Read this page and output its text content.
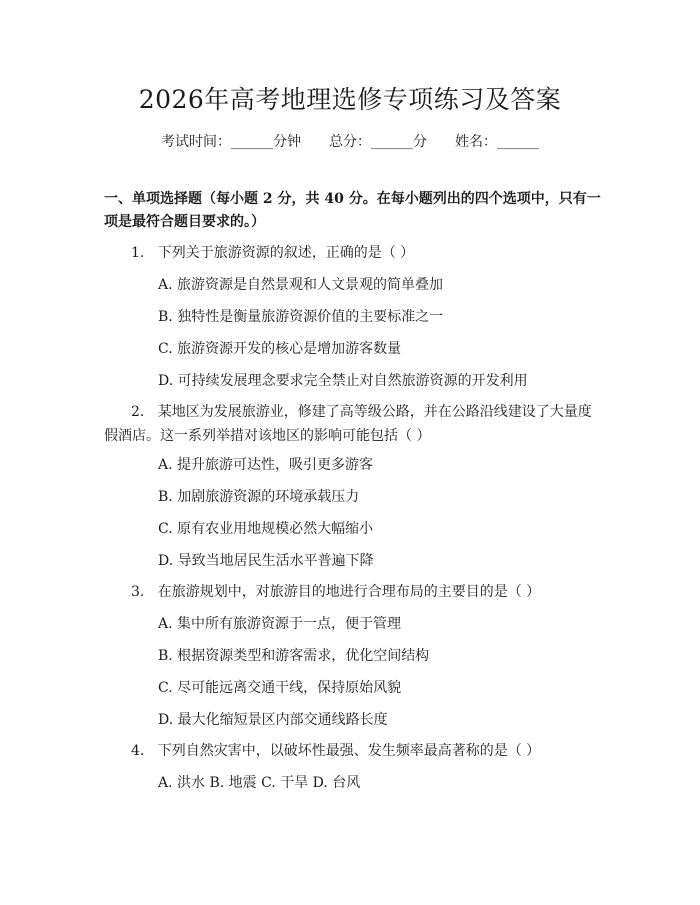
2026年高考地理选修专项练习及答案
考试时间：______分钟 总分：______分 姓名：______
一、单项选择题（每小题 2 分，共 40 分。在每小题列出的四个选项中，只有一项是最符合题目要求的。）
1. 下列关于旅游资源的叙述，正确的是（ ）
A. 旅游资源是自然景观和人文景观的简单叠加
B. 独特性是衡量旅游资源价值的主要标准之一
C. 旅游资源开发的核心是增加游客数量
D. 可持续发展理念要求完全禁止对自然旅游资源的开发利用
2. 某地区为发展旅游业，修建了高等级公路，并在公路沿线建设了大量度假酒店。这一系列举措对该地区的影响可能包括（ ）
A. 提升旅游可达性，吸引更多游客
B. 加剧旅游资源的环境承载压力
C. 原有农业用地规模必然大幅缩小
D. 导致当地居民生活水平普遍下降
3. 在旅游规划中，对旅游目的地进行合理布局的主要目的是（ ）
A. 集中所有旅游资源于一点，便于管理
B. 根据资源类型和游客需求，优化空间结构
C. 尽可能远离交通干线，保持原始风貌
D. 最大化缩短景区内部交通线路长度
4. 下列自然灾害中，以破坏性最强、发生频率最高著称的是（ ）
A. 洪水 B. 地震 C. 干旱 D. 台风
